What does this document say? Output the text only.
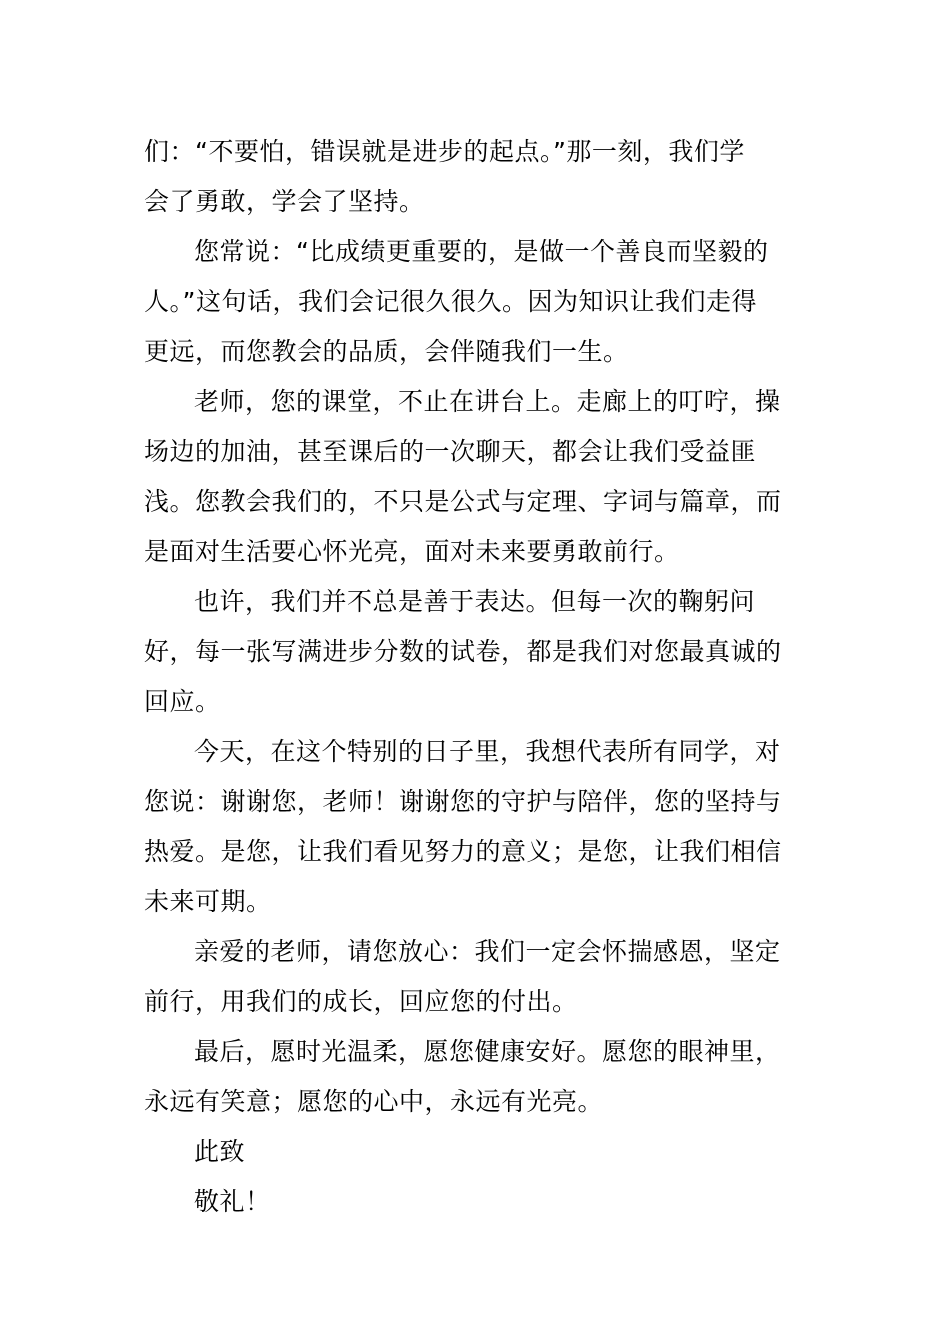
们：“不要怕，错误就是进步的起点。”那一刻，我们学
会了勇敢，学会了坚持。

您常说：“比成绩更重要的，是做一个善良而坚毅的
人。”这句话，我们会记很久很久。因为知识让我们走得
更远，而您教会的品质，会伴随我们一生。

老师，您的课堂，不止在讲台上。走廊上的叮咛，操
场边的加油，甚至课后的一次聊天，都会让我们受益匪
浅。您教会我们的，不只是公式与定理、字词与篇章，而
是面对生活要心怀光亮，面对未来要勇敢前行。

也许，我们并不总是善于表达。但每一次的鞠躬问
好，每一张写满进步分数的试卷，都是我们对您最真诚的
回应。

今天，在这个特别的日子里，我想代表所有同学，对
您说：谢谢您，老师！谢谢您的守护与陪伴，您的坚持与
热爱。是您，让我们看见努力的意义；是您，让我们相信
未来可期。

亲爱的老师，请您放心：我们一定会怀揣感恩，坚定
前行，用我们的成长，回应您的付出。

最后，愿时光温柔，愿您健康安好。愿您的眼神里，
永远有笑意；愿您的心中，永远有光亮。

此致

敬礼！
